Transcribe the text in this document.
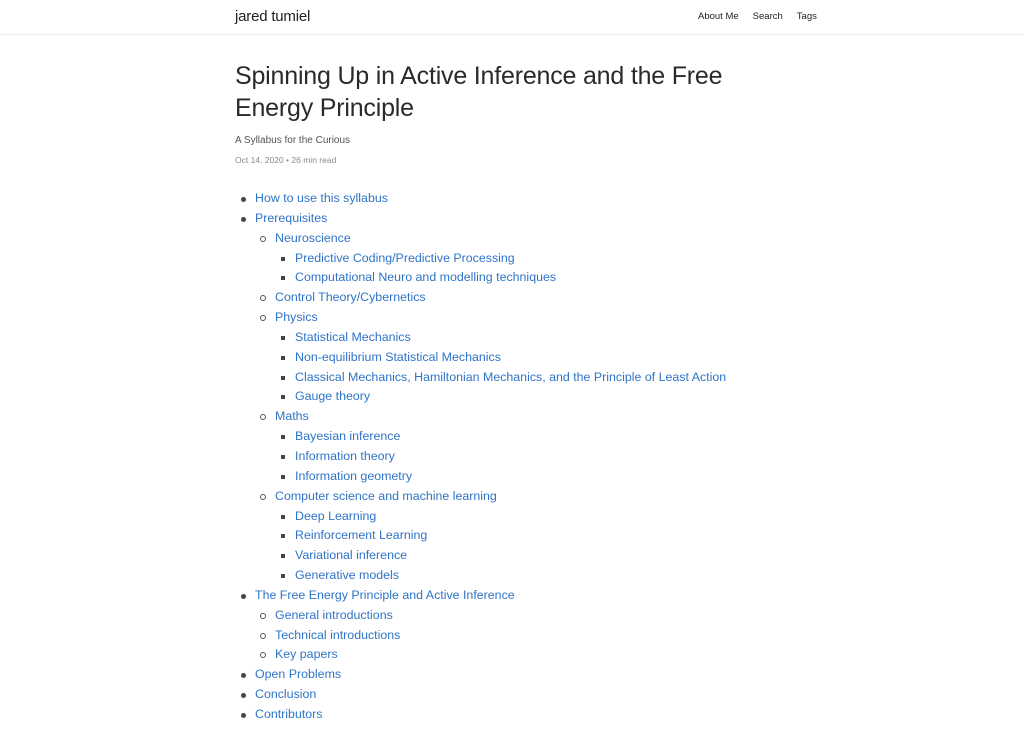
jared tumiel	About Me Search Tags
Spinning Up in Active Inference and the Free Energy Principle

A Syllabus for the Curious

Oct 14, 2020 • 26 min read

How to use this syllabus
Prerequisites
Neuroscience
Predictive Coding/Predictive Processing
Computational Neuro and modelling techniques
Control Theory/Cybernetics
Physics
Statistical Mechanics
Non-equilibrium Statistical Mechanics
Classical Mechanics, Hamiltonian Mechanics, and the Principle of Least Action
Gauge theory
Maths
Bayesian inference
Information theory
Information geometry
Computer science and machine learning
Deep Learning
Reinforcement Learning
Variational inference
Generative models
The Free Energy Principle and Active Inference
General introductions
Technical introductions
Key papers
Open Problems
Conclusion
Contributors
